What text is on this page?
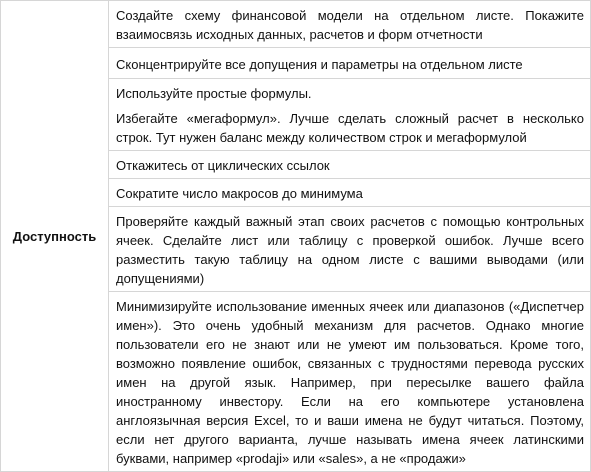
Доступность	

Создайте схему финансовой модели на отдельном листе. Покажите взаимосвязь исходных данных, расчетов и форм отчетности

Сконцентрируйте все допущения и параметры на отдельном листе

Используйте простые формулы.

Избегайте «мегаформул». Лучше сделать сложный расчет в несколько строк. Тут нужен баланс между количеством строк и мегаформулой

Откажитесь от циклических ссылок

Сократите число макросов до минимума

Проверяйте каждый важный этап своих расчетов с помощью контрольных ячеек. Сделайте лист или таблицу с проверкой ошибок. Лучше всего разместить такую таблицу на одном листе с вашими выводами (или допущениями)

Минимизируйте использование именных ячеек или диапазонов («Диспетчер имен»). Это очень удобный механизм для расчетов. Однако многие пользователи его не знают или не умеют им пользоваться. Кроме того, возможно появление ошибок, связанных с трудностями перевода русских имен на другой язык. Например, при пересылке вашего файла иностранному инвестору. Если на его компьютере установлена англоязычная версия Excel, то и ваши имена не будут читаться. Поэтому, если нет другого варианта, лучше называть имена ячеек латинскими буквами, например «prodaji» или «sales», а не «продажи»
